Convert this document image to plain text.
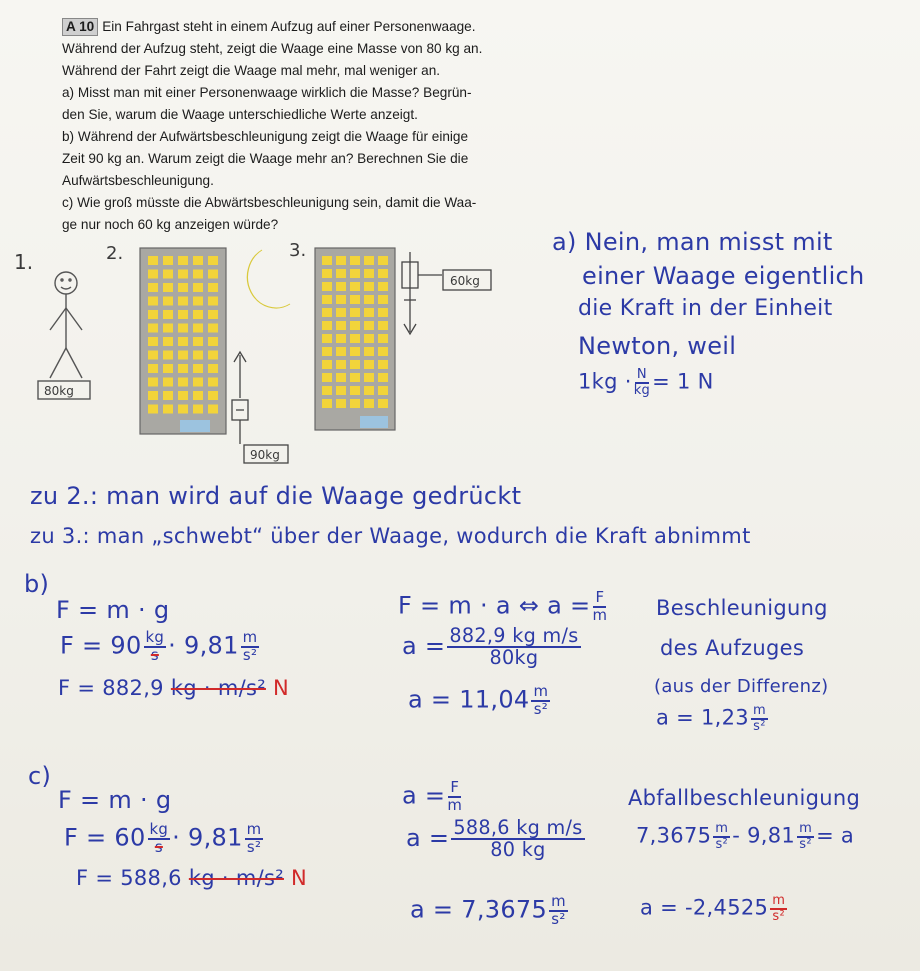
A 10 Ein Fahrgast steht in einem Aufzug auf einer Personenwaage.
Während der Aufzug steht, zeigt die Waage eine Masse von 80 kg an.
Während der Fahrt zeigt die Waage mal mehr, mal weniger an.
a) Misst man mit einer Personenwaage wirklich die Masse? Begrün-
den Sie, warum die Waage unterschiedliche Werte anzeigt.
b) Während der Aufwärtsbeschleunigung zeigt die Waage für einige
Zeit 90 kg an. Warum zeigt die Waage mehr an? Berechnen Sie die
Aufwärtsbeschleunigung.
c) Wie groß müsste die Abwärtsbeschleunigung sein, damit die Waa-
ge nur noch 60 kg anzeigen würde?
1.	2.	3.
80kg
90kg
60kg
a) Nein, man misst mit
einer Waage eigentlich
die Kraft in der Einheit
Newton, weil
$1kg \cdot \frac{N}{kg} = 1$ N
zu 2.: man wird auf die Waage gedrückt
zu 3.: man „schwebt“ über der Waage, wodurch die Kraft abnimmt
b)
F = m · g
$F = 90 \frac{kg}{s} \cdot 9,81 \frac{m}{\text{s²}}$
F = 882,9 kg · m/s² N
F = m · a ⇔ $a = \frac{F}{m}$
$a = \frac{\text{882,9 kg m/s}}{80kg}$
$a = 11,04 \frac{m}{\text{s²}}$
Beschleunigung
des Aufzuges
(aus der Differenz)
$a = 1,23 \frac{m}{\text{s²}}$
c)
F = m · g
$F = 60 \frac{kg}{s} \cdot 9,81 \frac{m}{\text{s²}}$
F = 588,6 kg · m/s² N
$a = \frac{F}{m}$
$a = \frac{\text{588,6 kg m/s}}{80 kg}$
$a = 7,3675 \frac{m}{\text{s²}}$
Abfallbeschleunigung
$7,3675 \frac{m}{\text{s²}} - 9,81 \frac{m}{\text{s²}} = a$
$a = -2,4525 \frac{m}{\text{s²}}$
